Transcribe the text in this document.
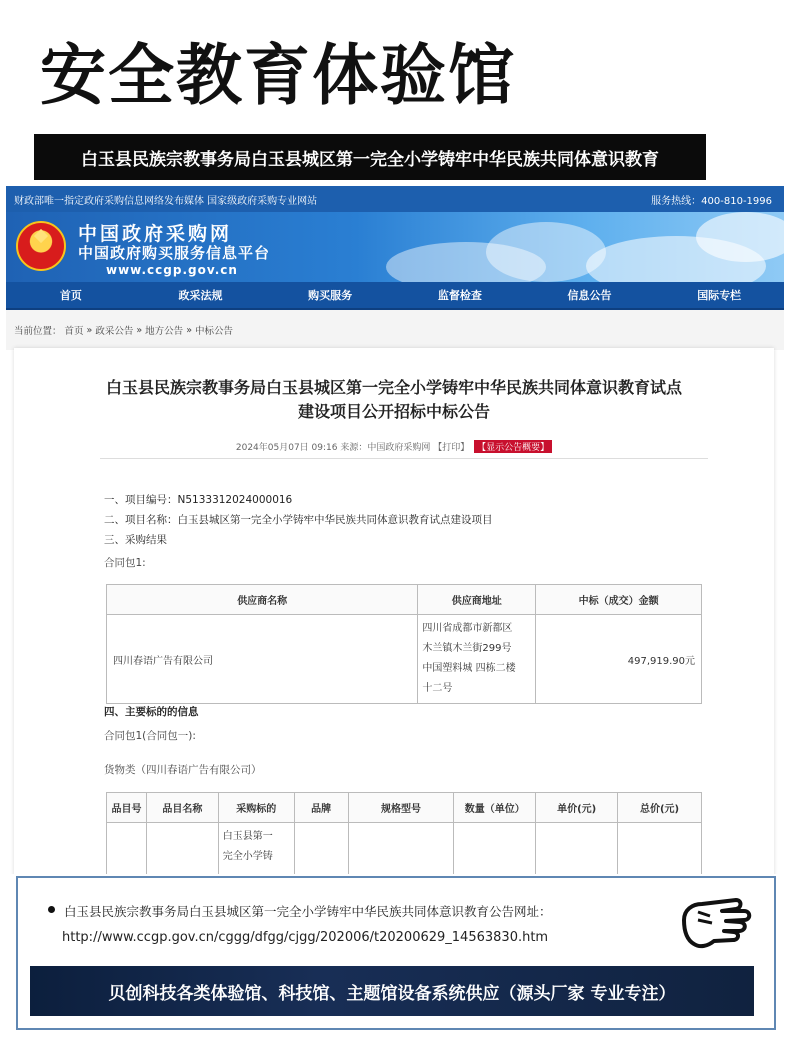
安全教育体验馆
白玉县民族宗教事务局白玉县城区第一完全小学铸牢中华民族共同体意识教育
财政部唯一指定政府采购信息网络发布媒体 国家级政府采购专业网站	服务热线：400-810-1996
中国政府采购网
中国政府购买服务信息平台
www.ccgp.gov.cn
首页	政采法规	购买服务	监督检查	信息公告	国际专栏
当前位置： 首页 » 政采公告 » 地方公告 » 中标公告
白玉县民族宗教事务局白玉县城区第一完全小学铸牢中华民族共同体意识教育试点
建设项目公开招标中标公告
2024年05月07日 09:16 来源：中国政府采购网 【打印】 【显示公告概要】
一、项目编号：N5133312024000016
二、项目名称：白玉县城区第一完全小学铸牢中华民族共同体意识教育试点建设项目
三、采购结果
合同包1:
供应商名称	供应商地址	中标（成交）金额
四川春语广告有限公司	四川省成都市新都区
木兰镇木兰街299号
中国塑料城 四栋二楼
十二号	497,919.90元
四、主要标的的信息
合同包1(合同包一):
货物类（四川春语广告有限公司）
品目号	品目名称	采购标的	品牌	规格型号	数量（单位）	单价(元)	总价(元)

		白玉县第一
完全小学铸					

白玉县民族宗教事务局白玉县城区第一完全小学铸牢中华民族共同体意识教育公告网址：
http://www.ccgp.gov.cn/cggg/dfgg/cjgg/202006/t20200629_14563830.htm
贝创科技各类体验馆、科技馆、主题馆设备系统供应（源头厂家 专业专注）
